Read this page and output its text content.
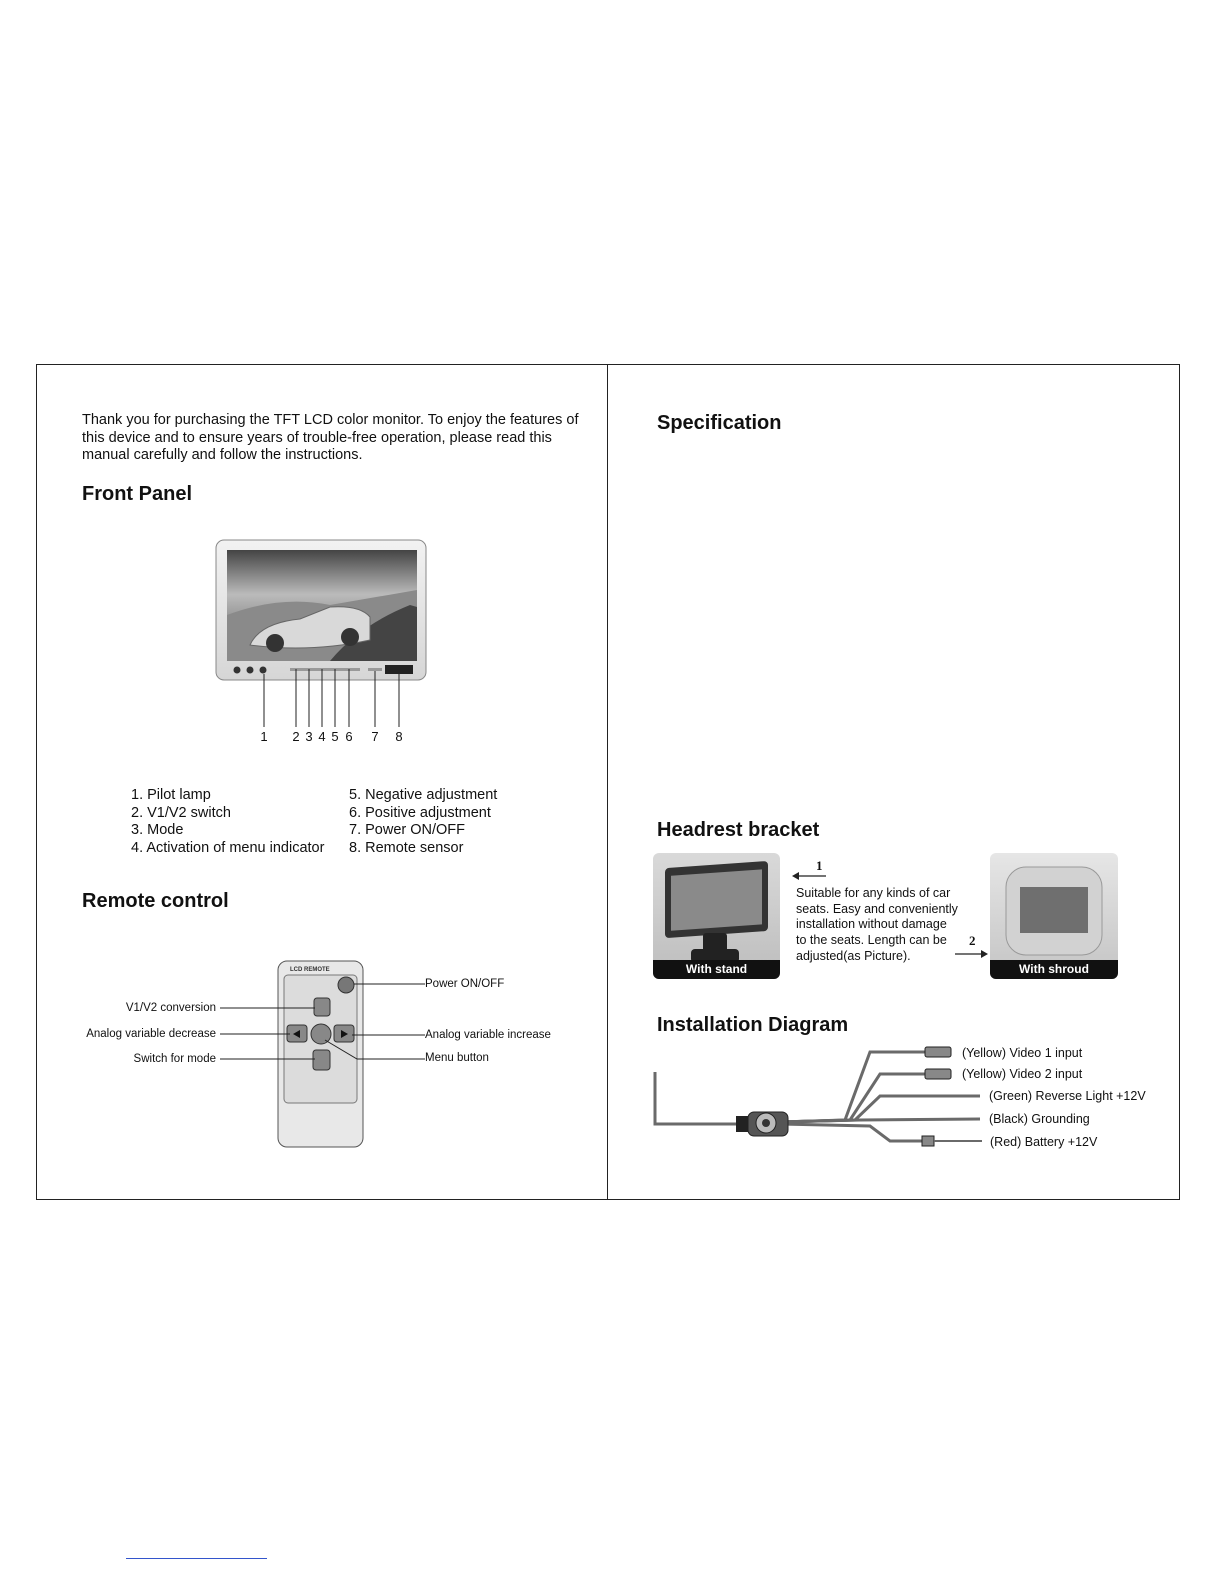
Thank you for purchasing the TFT LCD color monitor. To enjoy the features of this device and to ensure years of trouble-free operation, please read this manual carefully and follow the instructions.
Front Panel
1 2 3 4 5 6 7 8
1. Pilot lamp
2. V1/V2 switch
3. Mode
4. Activation of menu indicator
5. Negative adjustment
6. Positive adjustment
7. Power ON/OFF
8. Remote sensor
Remote control
LCD REMOTE
V1/V2 conversion
Analog variable decrease
Switch for mode
Power ON/OFF
Analog variable increase
Menu button
Specification
Headrest bracket
With stand	With shroud
1
2
Suitable for any kinds of car
seats. Easy and conveniently
installation without damage
to the seats. Length can be
adjusted(as Picture).
Installation Diagram
(Yellow) Video 1 input
(Yellow) Video 2 input
(Green) Reverse Light +12V
(Black) Grounding
(Red) Battery +12V
